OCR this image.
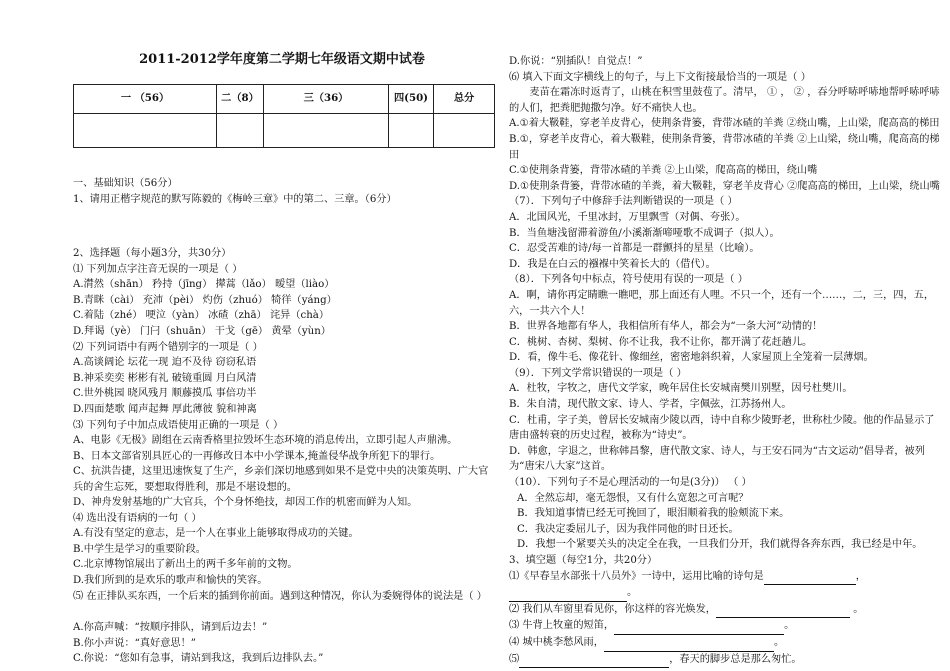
2011-2012学年度第二学期七年级语文期中试卷
一 （56）	二（8）	三（36）	四(50)	总分

一、基础知识（56分）
1、请用正楷字规范的默写陈毅的《梅岭三章》中的第二、三章。（6分）
2、选择题（每小题3分，共30分）
⑴ 下列加点字注音无误的一项是（ ）
A.潸然（shān） 矜持（jīng） 撵蒿（lǎo） 暧望（liào）
B.青眯（cài） 充沛（pèi） 灼伤（zhuó） 犄徉（yáng）
C.着陆（zhé） 哽泣（yàn） 冰碴（zhā） 诧异（chà）
D.拜谒（yè） 门闩（shuān） 干戈（gē） 黄晕（yùn）
⑵ 下列词语中有两个错别字的一项是（ ）
A.高谈阔论 坛花一现 迫不及待 窃窃私语
B.神采奕奕 彬彬有礼 破镜重圆 月白风清
C.世外桃园 晓风残月 顺藤摸瓜 事倍功半
D.四面楚歌 闻声起舞 厚此薄彼 貌和神离
⑶ 下列句子中加点成语使用正确的一项是（ ）
A、电影《无极》剧组在云南香格里拉毁坏生态环境的消息传出，立即引起人声鼎沸。
B、日本文部省别具匠心的一再修改日本中小学课本,掩盖侵华战争所犯下的罪行。
C、抗洪告捷，这里迅速恢复了生产，乡亲们深切地感到如果不是党中央的决策英明、广大官兵的舍生忘死，要想取得胜利，那是不堪设想的。
D、神舟发射基地的广大官兵，个个身怀绝技，却因工作的机密而鲜为人知。
⑷ 选出没有语病的一句（ ）
A.有没有坚定的意志，是一个人在事业上能够取得成功的关键。
B.中学生是学习的重要阶段。
C.北京博物馆展出了新出土的两千多年前的文物。
D.我们所到的是欢乐的歌声和愉快的笑容。
⑸ 在正排队买东西，一个后来的插到你前面。遇到这种情况，你认为委婉得体的说法是（ ）
A.你高声喊：“按顺序排队，请到后边去！”
B.你小声说：“真好意思！”
C.你说：“您如有急事，请站到我这，我到后边排队去。”
D.你说：“别插队！自觉点！”
⑹ 填入下面文字横线上的句子，与上下文衔接最恰当的一项是（ ）
麦苗在霜冻时返青了，山桃在积雪里鼓苞了。清早， ① ， ② ，吞分呼哧呼哧地帮呼哧呼哧的人们，把粪肥抛撒匀净。好不痛快人也。
A.①着大靸鞋，穿老羊皮背心，使荆条背篓，背带冰碴的羊粪 ②绕山嘴，上山梁，爬高高的梯田
B.①，穿老羊皮背心，着大靸鞋，使荆条背篓，背带冰碴的羊粪 ②上山梁，绕山嘴，爬高高的梯田
C.①使荆条背篓，背带冰碴的羊粪 ②上山梁，爬高高的梯田，绕山嘴
D.①使荆条背篓，背带冰碴的羊粪，着大靸鞋，穿老羊皮背心 ②爬高高的梯田，上山梁，绕山嘴
（7）．下列句子中修辞手法判断错误的一项是（ ）
A．北国风光，千里冰封，万里飘雪（对偶、夸张）。
B．当鱼塘浅留滞着游鱼/小溪渐渐啼哑歌不成调子（拟人）。
C．忍受苦难的诗/每一首都是一群颤抖的星星（比喻）。
D．我是在白云的襁褓中笑着长大的（借代）。
（8）．下列各句中标点，符号使用有误的一项是（ ）
A．啊，请你再定睛瞧一瞧吧，那上面还有人哩。不只一个，还有一个……，二，三，四，五，六，一共六个人！
B．世界各地都有华人，我相信所有华人，都会为“一条大河”动情的！
C．桃树、杏树、梨树、你不让我，我不让你，都开满了花赶趟儿。
D．看，像牛毛、像花针、像细丝，密密地斜织着，人家屋顶上全笼着一层薄烟。
（9）．下列文学常识错误的一项是（ ）
A．杜牧，字牧之，唐代文学家，晚年居住长安城南樊川别墅，因号杜樊川。
B．朱自清，现代散文家、诗人、学者，字佩弦，江苏扬州人。
C．杜甫，字子美，曾居长安城南少陵以西，诗中自称少陵野老，世称杜少陵。他的作品显示了唐由盛转衰的历史过程，被称为“诗史”。
D．韩愈，字退之，世称韩昌黎，唐代散文家、诗人，与王安石同为“古文运动”倡导者，被列为“唐宋八大家”这首。
（10）．下列句子不是心理活动的一句是(3分)） （ ）
A．全然忘却，毫无怨恨，又有什么宽恕之可言呢？
B．我知道事情已经无可挽回了，眼泪顺着我的脸颊流下来。
C．我决定委屈儿子，因为我伴同他的时日还长。
D．我想一个紧要关头的决定全在我，一旦我们分开，我们就得各奔东西，我已经是中年。
3、填空题（每空1分，共20分）
⑴《早春呈水部张十八员外》一诗中，运用比喻的诗句是	，
。
⑵ 我们从车窗里看见你，你这样的容光焕发，	。
⑶ 牛背上牧童的短笛，	。
⑷ 城中桃李愁风雨，	。
⑸	，春天的脚步总是那么匆忙。
